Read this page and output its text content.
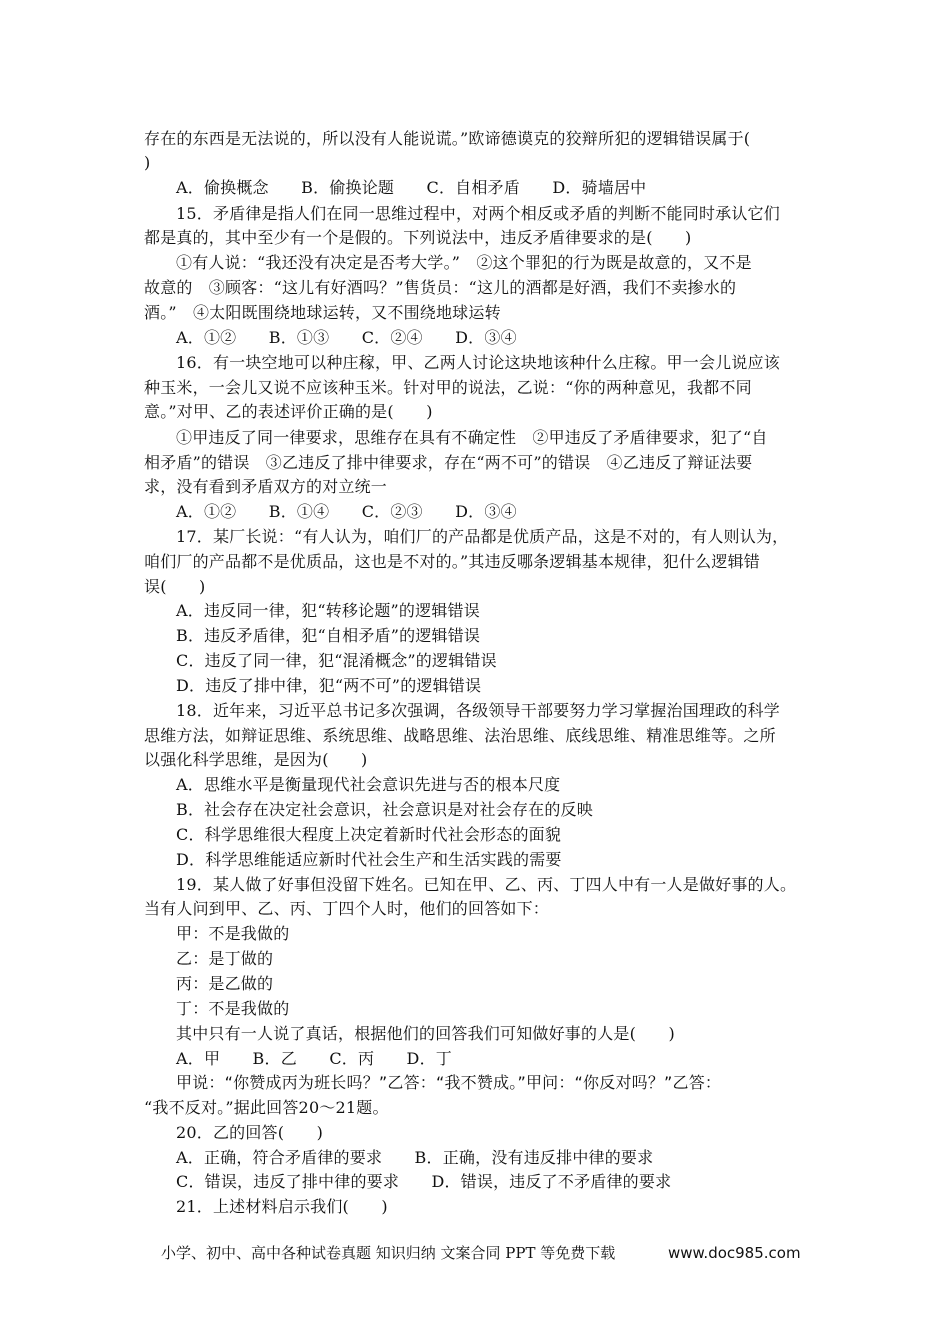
存在的东西是无法说的，所以没有人能说谎。”欧谛德谟克的狡辩所犯的逻辑错误属于(
)
A．偷换概念　　B．偷换论题　　C．自相矛盾　　D．骑墙居中
15．矛盾律是指人们在同一思维过程中，对两个相反或矛盾的判断不能同时承认它们
都是真的，其中至少有一个是假的。下列说法中，违反矛盾律要求的是(　　)
①有人说：“我还没有决定是否考大学。”　②这个罪犯的行为既是故意的，又不是
故意的　③顾客：“这儿有好酒吗？”售货员：“这儿的酒都是好酒，我们不卖掺水的
酒。”　④太阳既围绕地球运转，又不围绕地球运转
A．①②　　B．①③　　C．②④　　D．③④
16．有一块空地可以种庄稼，甲、乙两人讨论这块地该种什么庄稼。甲一会儿说应该
种玉米，一会儿又说不应该种玉米。针对甲的说法，乙说：“你的两种意见，我都不同
意。”对甲、乙的表述评价正确的是(　　)
①甲违反了同一律要求，思维存在具有不确定性　②甲违反了矛盾律要求，犯了“自
相矛盾”的错误　③乙违反了排中律要求，存在“两不可”的错误　④乙违反了辩证法要
求，没有看到矛盾双方的对立统一
A．①②　　B．①④　　C．②③　　D．③④
17．某厂长说：“有人认为，咱们厂的产品都是优质产品，这是不对的，有人则认为，
咱们厂的产品都不是优质品，这也是不对的。”其违反哪条逻辑基本规律，犯什么逻辑错
误(　　)
A．违反同一律，犯“转移论题”的逻辑错误
B．违反矛盾律，犯“自相矛盾”的逻辑错误
C．违反了同一律，犯“混淆概念”的逻辑错误
D．违反了排中律，犯“两不可”的逻辑错误
18．近年来，习近平总书记多次强调，各级领导干部要努力学习掌握治国理政的科学
思维方法，如辩证思维、系统思维、战略思维、法治思维、底线思维、精准思维等。之所
以强化科学思维，是因为(　　)
A．思维水平是衡量现代社会意识先进与否的根本尺度
B．社会存在决定社会意识，社会意识是对社会存在的反映
C．科学思维很大程度上决定着新时代社会形态的面貌
D．科学思维能适应新时代社会生产和生活实践的需要
19．某人做了好事但没留下姓名。已知在甲、乙、丙、丁四人中有一人是做好事的人。
当有人问到甲、乙、丙、丁四个人时，他们的回答如下：
甲：不是我做的
乙：是丁做的
丙：是乙做的
丁：不是我做的
其中只有一人说了真话，根据他们的回答我们可知做好事的人是(　　)
A．甲　　B．乙　　C．丙　　D．丁
甲说：“你赞成丙为班长吗？”乙答：“我不赞成。”甲问：“你反对吗？”乙答：
“我不反对。”据此回答20～21题。
20．乙的回答(　　)
A．正确，符合矛盾律的要求　　B．正确，没有违反排中律的要求
C．错误，违反了排中律的要求　　D．错误，违反了不矛盾律的要求
21．上述材料启示我们(　　)
小学、初中、高中各种试卷真题 知识归纳 文案合同 PPT 等免费下载	www.doc985.com
